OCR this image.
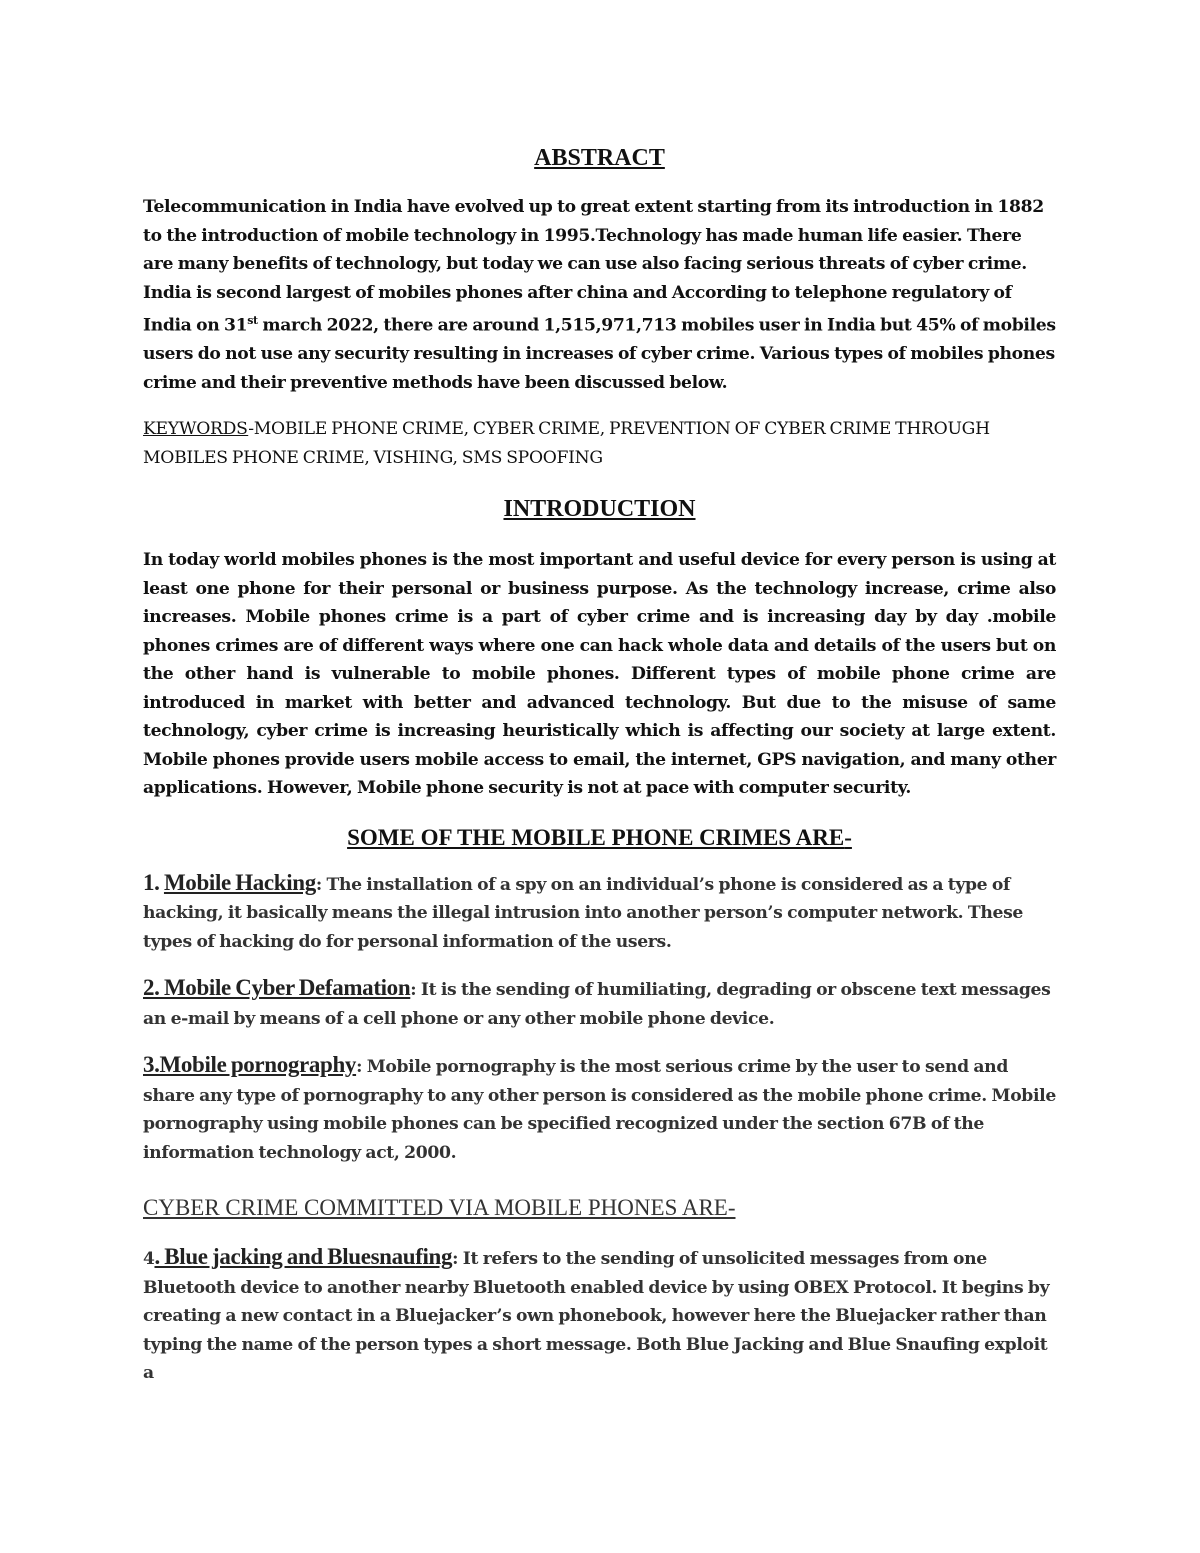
ABSTRACT

Telecommunication in India have evolved up to great extent starting from its introduction in 1882 to the introduction of mobile technology in 1995.Technology has made human life easier. There are many benefits of technology, but today we can use also facing serious threats of cyber crime. India is second largest of mobiles phones after china and According to telephone regulatory of India on 31st march 2022, there are around 1,515,971,713 mobiles user in India but 45% of mobiles users do not use any security resulting in increases of cyber crime. Various types of mobiles phones crime and their preventive methods have been discussed below.

KEYWORDS-MOBILE PHONE CRIME, CYBER CRIME, PREVENTION OF CYBER CRIME THROUGH MOBILES PHONE CRIME, VISHING, SMS SPOOFING

INTRODUCTION

In today world mobiles phones is the most important and useful device for every person is using at least one phone for their personal or business purpose. As the technology increase, crime also increases. Mobile phones crime is a part of cyber crime and is increasing day by day .mobile phones crimes are of different ways where one can hack whole data and details of the users but on the other hand is vulnerable to mobile phones. Different types of mobile phone crime are introduced in market with better and advanced technology. But due to the misuse of same technology, cyber crime is increasing heuristically which is affecting our society at large extent. Mobile phones provide users mobile access to email, the internet, GPS navigation, and many other applications. However, Mobile phone security is not at pace with computer security.

SOME OF THE MOBILE PHONE CRIMES ARE-

1. Mobile Hacking: The installation of a spy on an individual’s phone is considered as a type of hacking, it basically means the illegal intrusion into another person’s computer network. These types of hacking do for personal information of the users.

2. Mobile Cyber Defamation: It is the sending of humiliating, degrading or obscene text messages an e-mail by means of a cell phone or any other mobile phone device.

3.Mobile pornography: Mobile pornography is the most serious crime by the user to send and share any type of pornography to any other person is considered as the mobile phone crime. Mobile pornography using mobile phones can be specified recognized under the section 67B of the information technology act, 2000.

CYBER CRIME COMMITTED VIA MOBILE PHONES ARE-

4. Blue jacking and Bluesnaufing: It refers to the sending of unsolicited messages from one Bluetooth device to another nearby Bluetooth enabled device by using OBEX Protocol. It begins by creating a new contact in a Bluejacker’s own phonebook, however here the Bluejacker rather than typing the name of the person types a short message. Both Blue Jacking and Blue Snaufing exploit a
